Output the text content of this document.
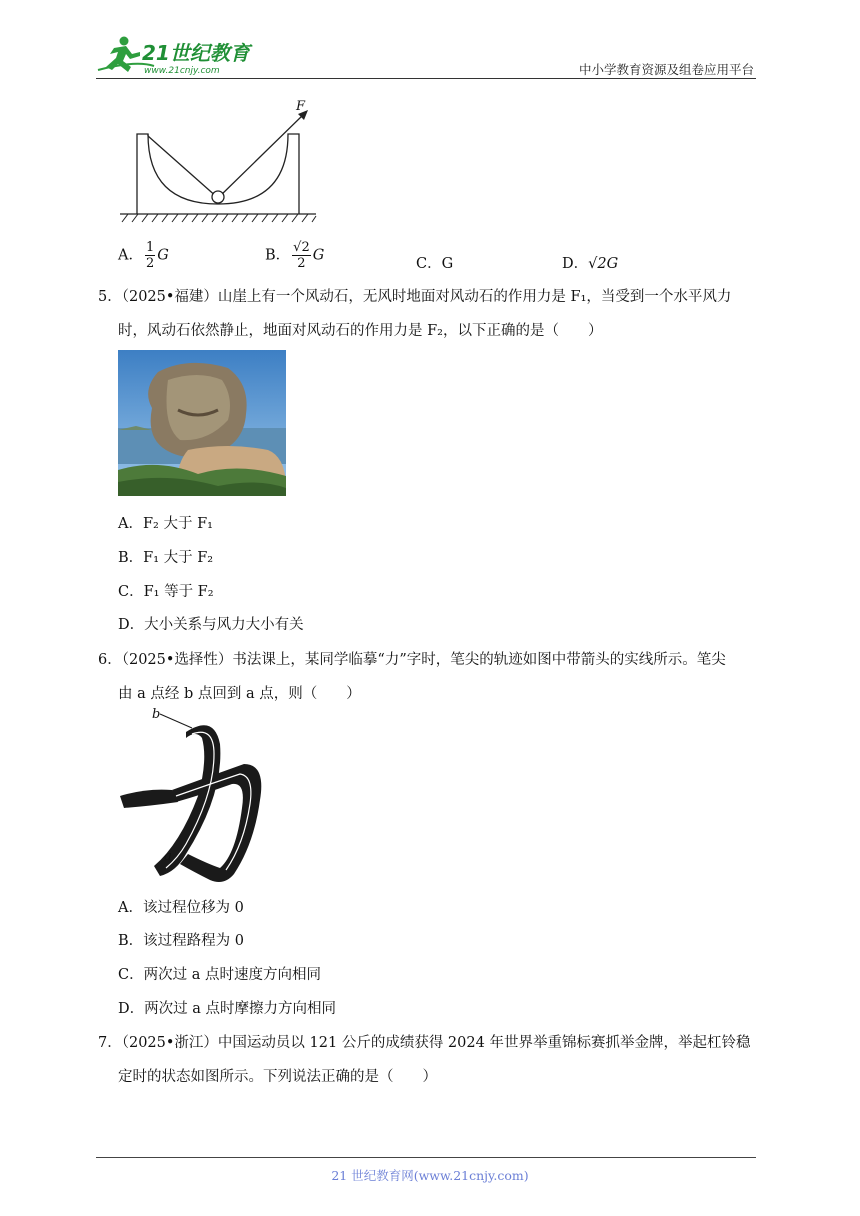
21世纪教育
www.21cnjy.com	中小学教育资源及组卷应用平台
F
A． $\frac{1}{2}$ G	B． $\frac{√2}{2}$ G
C．G	D．√2G
5．（2025•福建）山崖上有一个风动石，无风时地面对风动石的作用力是 F₁，当受到一个水平风力
时，风动石依然静止，地面对风动石的作用力是 F₂，以下正确的是（　　）
A．F₂ 大于 F₁
B．F₁ 大于 F₂
C．F₁ 等于 F₂
D．大小关系与风力大小有关
6．（2025•选择性）书法课上，某同学临摹“力”字时，笔尖的轨迹如图中带箭头的实线所示。笔尖
由 a 点经 b 点回到 a 点，则（　　）
b
a
A．该过程位移为 0
B．该过程路程为 0
C．两次过 a 点时速度方向相同
D．两次过 a 点时摩擦力方向相同
7．（2025•浙江）中国运动员以 121 公斤的成绩获得 2024 年世界举重锦标赛抓举金牌，举起杠铃稳
定时的状态如图所示。下列说法正确的是（　　）
21 世纪教育网(www.21cnjy.com)
